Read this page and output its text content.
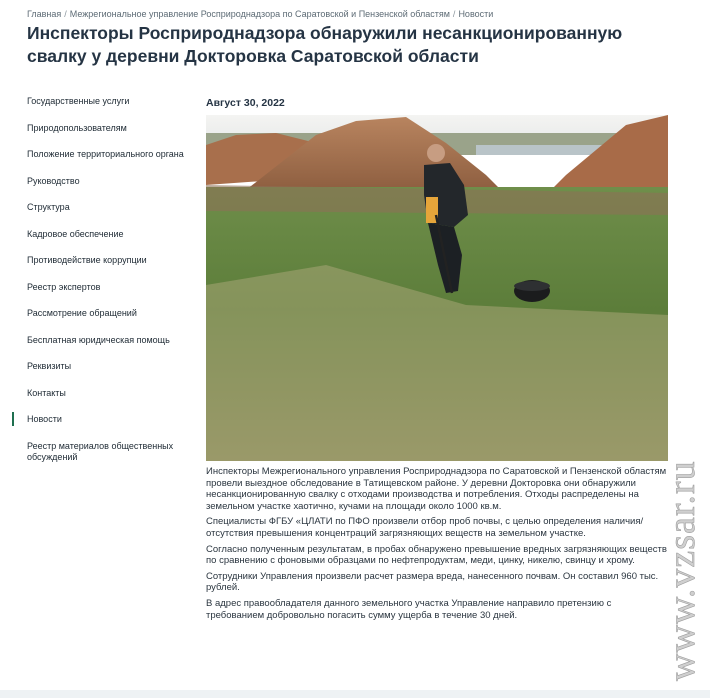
Главная / Межрегиональное управление Росприроднадзора по Саратовской и Пензенской областям / Новости
Инспекторы Росприроднадзора обнаружили несанкционированную свалку у деревни Докторовка Саратовской области
Государственные услуги
Природопользователям
Положение территориального органа
Руководство
Структура
Кадровое обеспечение
Противодействие коррупции
Реестр экспертов
Рассмотрение обращений
Бесплатная юридическая помощь
Реквизиты
Контакты
Новости
Реестр материалов общественных обсуждений
Август 30, 2022

Инспекторы Межрегионального управления Росприроднадзора по Саратовской и Пензенской областям провели выездное обследование в Татищевском районе. У деревни Докторовка они обнаружили несанкционированную свалку с отходами производства и потребления. Отходы распределены на земельном участке хаотично, кучами на площади около 1000 кв.м.

Специалисты ФГБУ «ЦЛАТИ по ПФО произвели отбор проб почвы, с целью определения наличия/отсутствия превышения концентраций загрязняющих веществ на земельном участке.

Согласно полученным результатам, в пробах обнаружено превышение вредных загрязняющих веществ по сравнению с фоновыми образцами по нефтепродуктам, меди, цинку, никелю, свинцу и хрому.

Сотрудники Управления произвели расчет размера вреда, нанесенного почвам. Он составил 960 тыс. рублей.

В адрес правообладателя данного земельного участка Управление направило претензию с требованием добровольно погасить сумму ущерба в течение 30 дней.	www.vzsar.ru
